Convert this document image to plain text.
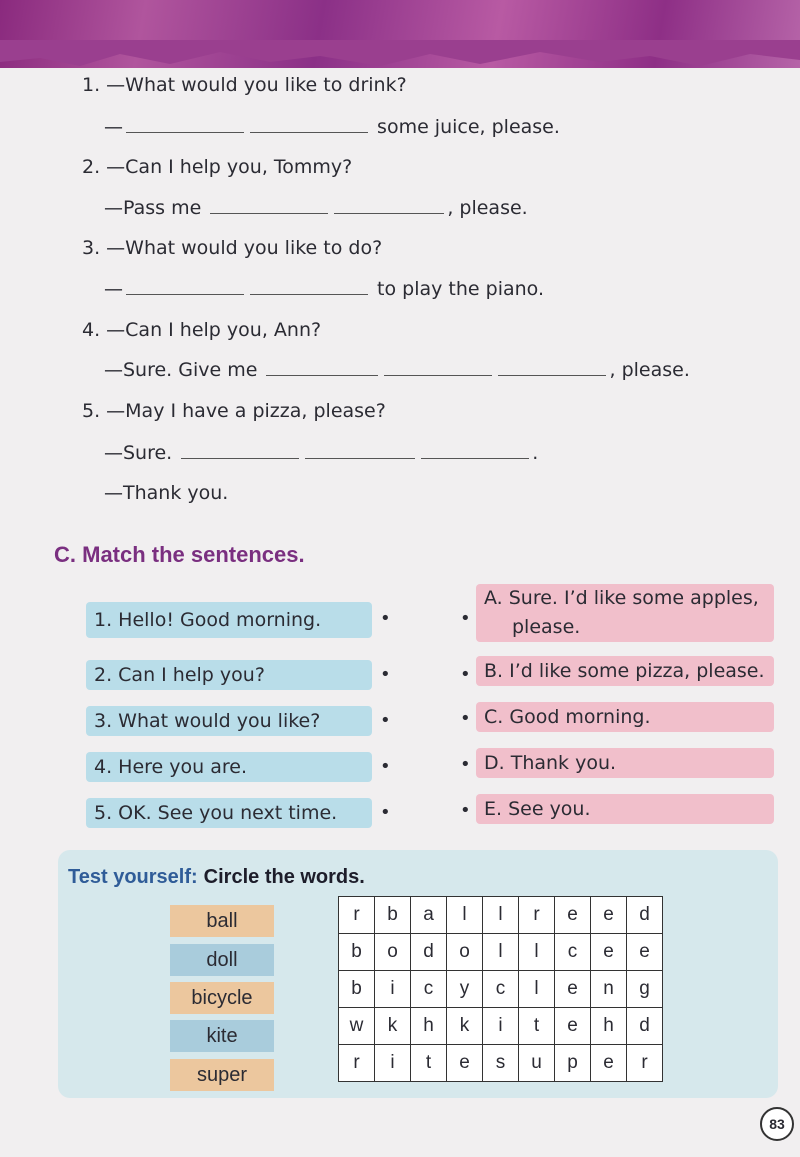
1. —What would you like to drink?
—	some juice, please.
2. —Can I help you, Tommy?
—Pass me	, please.
3. —What would you like to do?
—	to play the piano.
4. —Can I help you, Ann?
—Sure. Give me	, please.
5. —May I have a pizza, please?
—Sure.	.
—Thank you.
C. Match the sentences.
1. Hello! Good morning.
2. Can I help you?
3. What would you like?
4. Here you are.
5. OK. See you next time.
•
•
•
•
•
•
•
•
•
•
A. Sure. I’d like some apples,
please.
B. I’d like some pizza, please.
C. Good morning.
D. Thank you.
E. See you.
Test yourself: Circle the words.
ball
doll
bicycle
kite
super
r	b	a	l	l	r	e	e	d
b	o	d	o	l	l	c	e	e
b	i	c	y	c	l	e	n	g
w	k	h	k	i	t	e	h	d
r	i	t	e	s	u	p	e	r
83
